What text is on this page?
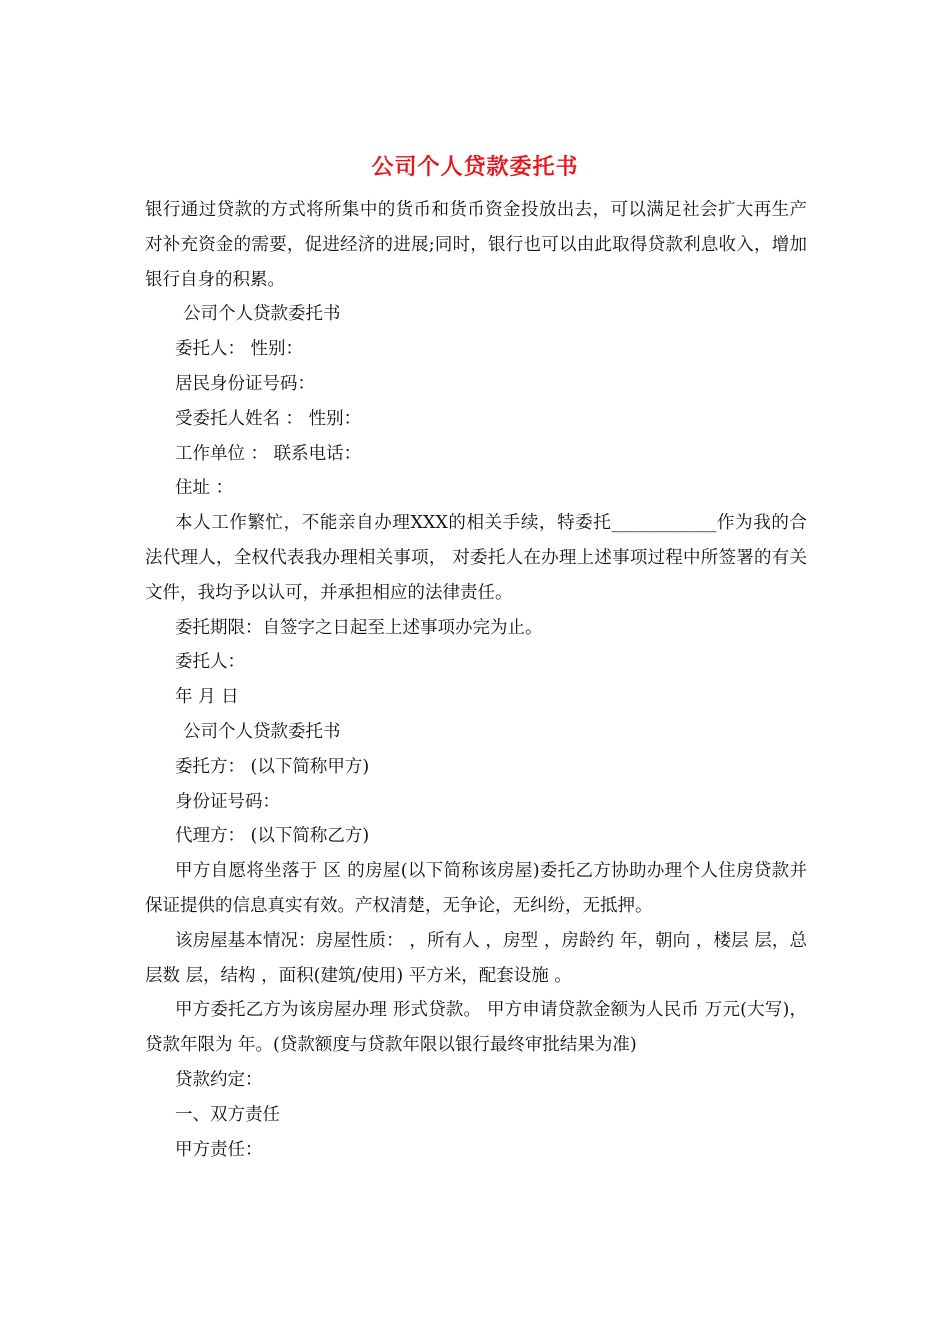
公司个人贷款委托书

银行通过贷款的方式将所集中的货币和货币资金投放出去，可以满足社会扩大再生产对补充资金的需要，促进经济的进展;同时，银行也可以由此取得贷款利息收入，增加银行自身的积累。

公司个人贷款委托书

委托人： 性别：

居民身份证号码：

受委托人姓名 ： 性别：

工作单位 ： 联系电话：

住址 ：

本人工作繁忙，不能亲自办理XXX的相关手续，特委托____________作为我的合法代理人，全权代表我办理相关事项， 对委托人在办理上述事项过程中所签署的有关文件，我均予以认可，并承担相应的法律责任。

委托期限：自签字之日起至上述事项办完为止。

委托人：

年 月 日

公司个人贷款委托书

委托方： (以下简称甲方)

身份证号码：

代理方： (以下简称乙方)

甲方自愿将坐落于 区 的房屋(以下简称该房屋)委托乙方协助办理个人住房贷款并保证提供的信息真实有效。产权清楚，无争论，无纠纷，无抵押。

该房屋基本情况：房屋性质： ，所有人 ，房型 ，房龄约 年，朝向 ，楼层 层，总层数 层，结构 ，面积(建筑/使用) 平方米，配套设施 。

甲方委托乙方为该房屋办理 形式贷款。 甲方申请贷款金额为人民币 万元(大写)，贷款年限为 年。(贷款额度与贷款年限以银行最终审批结果为准)

贷款约定：

一、双方责任

甲方责任：
